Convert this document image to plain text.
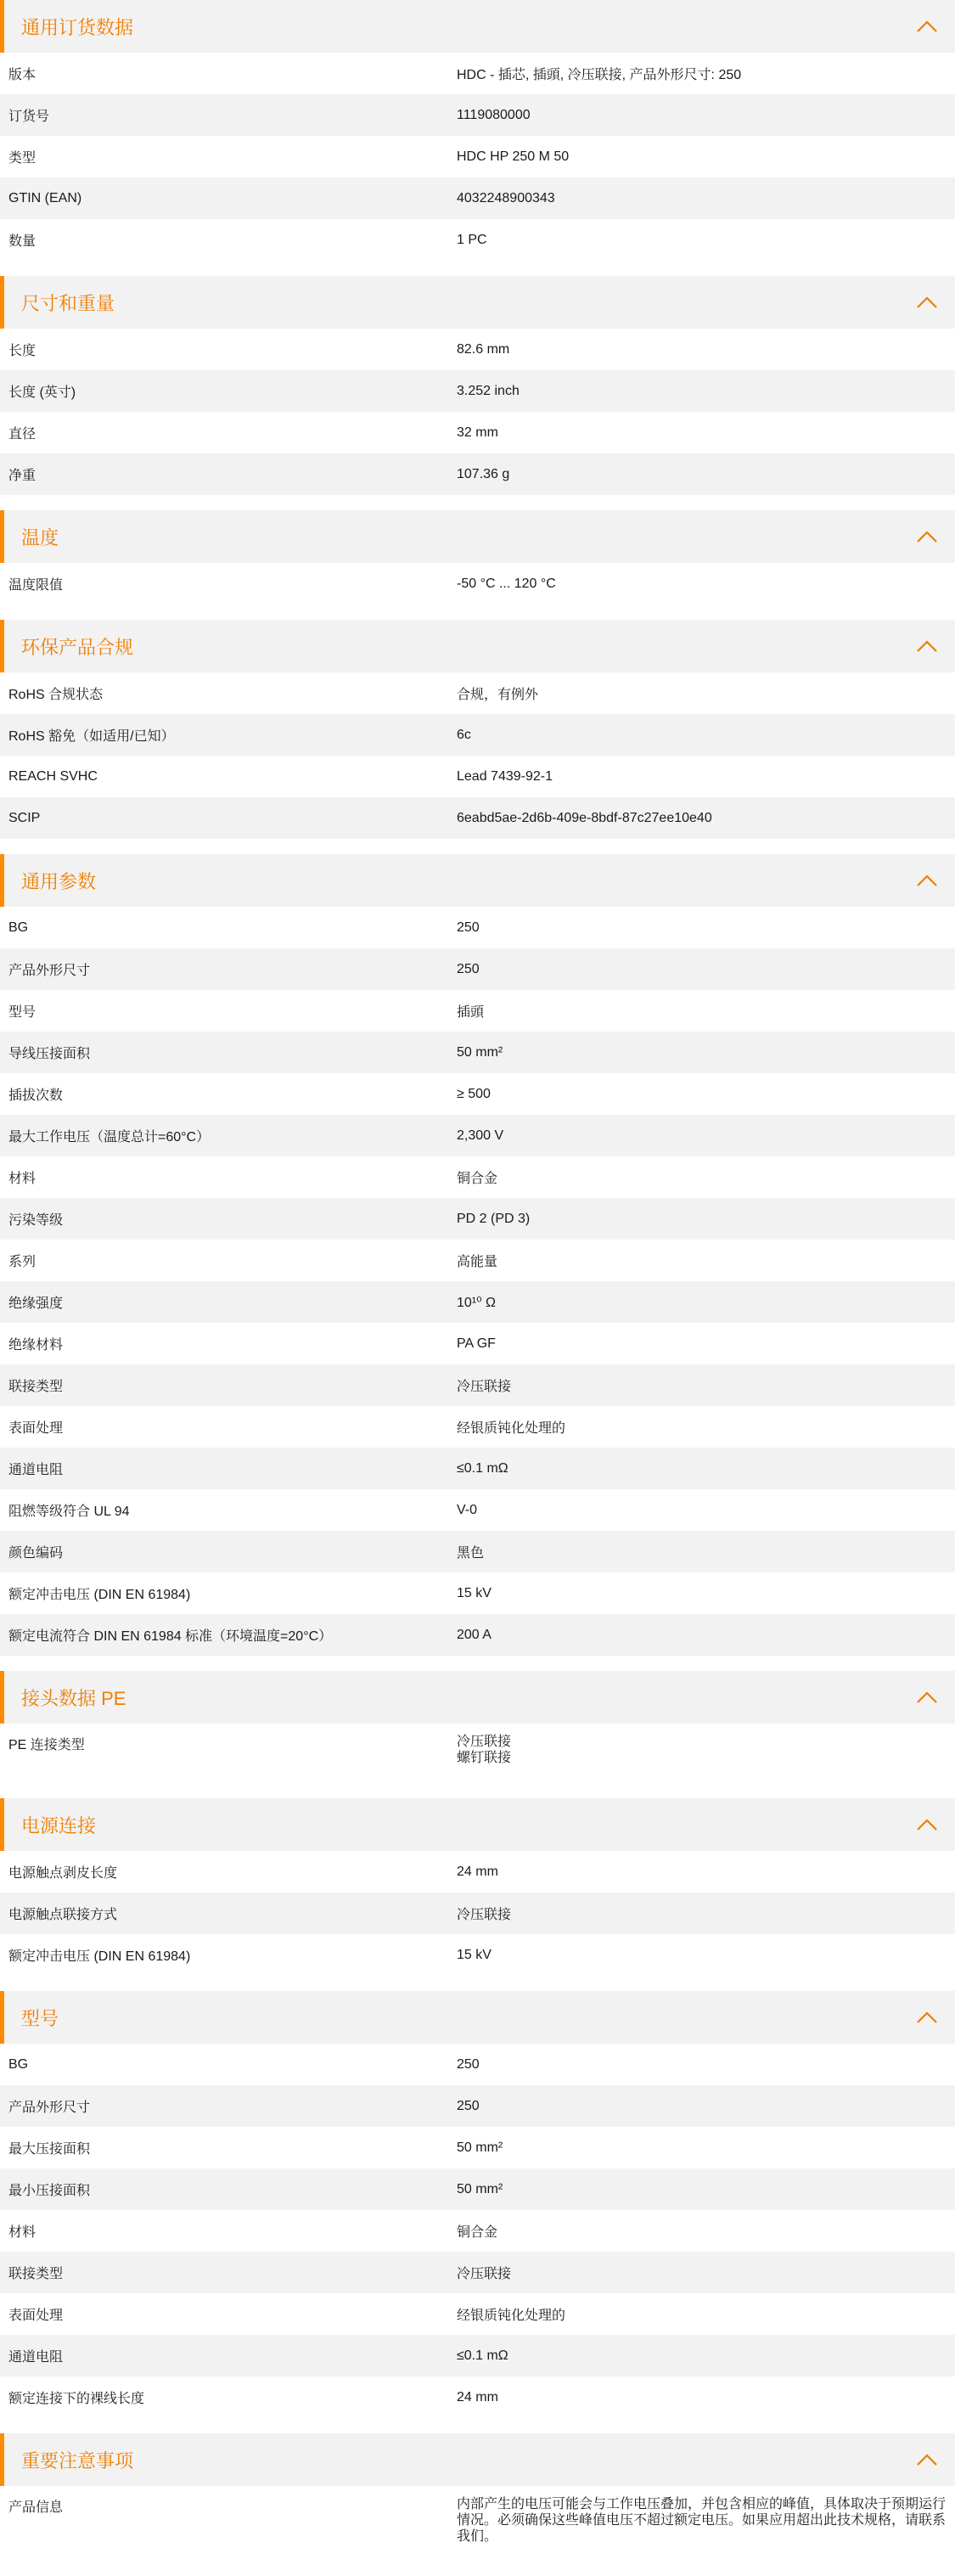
通用订货数据
版本	HDC - 插芯, 插頭, 冷压联接, 产品外形尺寸: 250
订货号	1119080000
类型	HDC HP 250 M 50
GTIN (EAN)	4032248900343
数量	1 PC
尺寸和重量
长度	82.6 mm
长度 (英寸)	3.252 inch
直径	32 mm
净重	107.36 g
温度
温度限值	-50 °C ... 120 °C
环保产品合规
RoHS 合规状态	合规，有例外
RoHS 豁免（如适用/已知）	6c
REACH SVHC	Lead 7439-92-1
SCIP	6eabd5ae-2d6b-409e-8bdf-87c27ee10e40
通用参数
BG	250
产品外形尺寸	250
型号	插頭
导线压接面积	50 mm²
插拔次数	≥ 500
最大工作电压（温度总计=60°C）	2,300 V
材料	铜合金
污染等级	PD 2 (PD 3)
系列	高能量
绝缘强度	10¹⁰ Ω
绝缘材料	PA GF
联接类型	冷压联接
表面处理	经银质钝化处理的
通道电阻	≤0.1 mΩ
阻燃等级符合 UL 94	V-0
颜色编码	黑色
额定冲击电压 (DIN EN 61984)	15 kV
额定电流符合 DIN EN 61984 标准（环境温度=20°C）	200 A
接头数据 PE
PE 连接类型	冷压联接
螺钉联接
电源连接
电源触点剥皮长度	24 mm
电源触点联接方式	冷压联接
额定冲击电压 (DIN EN 61984)	15 kV
型号
BG	250
产品外形尺寸	250
最大压接面积	50 mm²
最小压接面积	50 mm²
材料	铜合金
联接类型	冷压联接
表面处理	经银质钝化处理的
通道电阻	≤0.1 mΩ
额定连接下的裸线长度	24 mm
重要注意事项
产品信息	内部产生的电压可能会与工作电压叠加，并包含相应的峰值，具体取决于预期运行情况。必须确保这些峰值电压不超过额定电压。如果应用超出此技术规格，请联系我们。
